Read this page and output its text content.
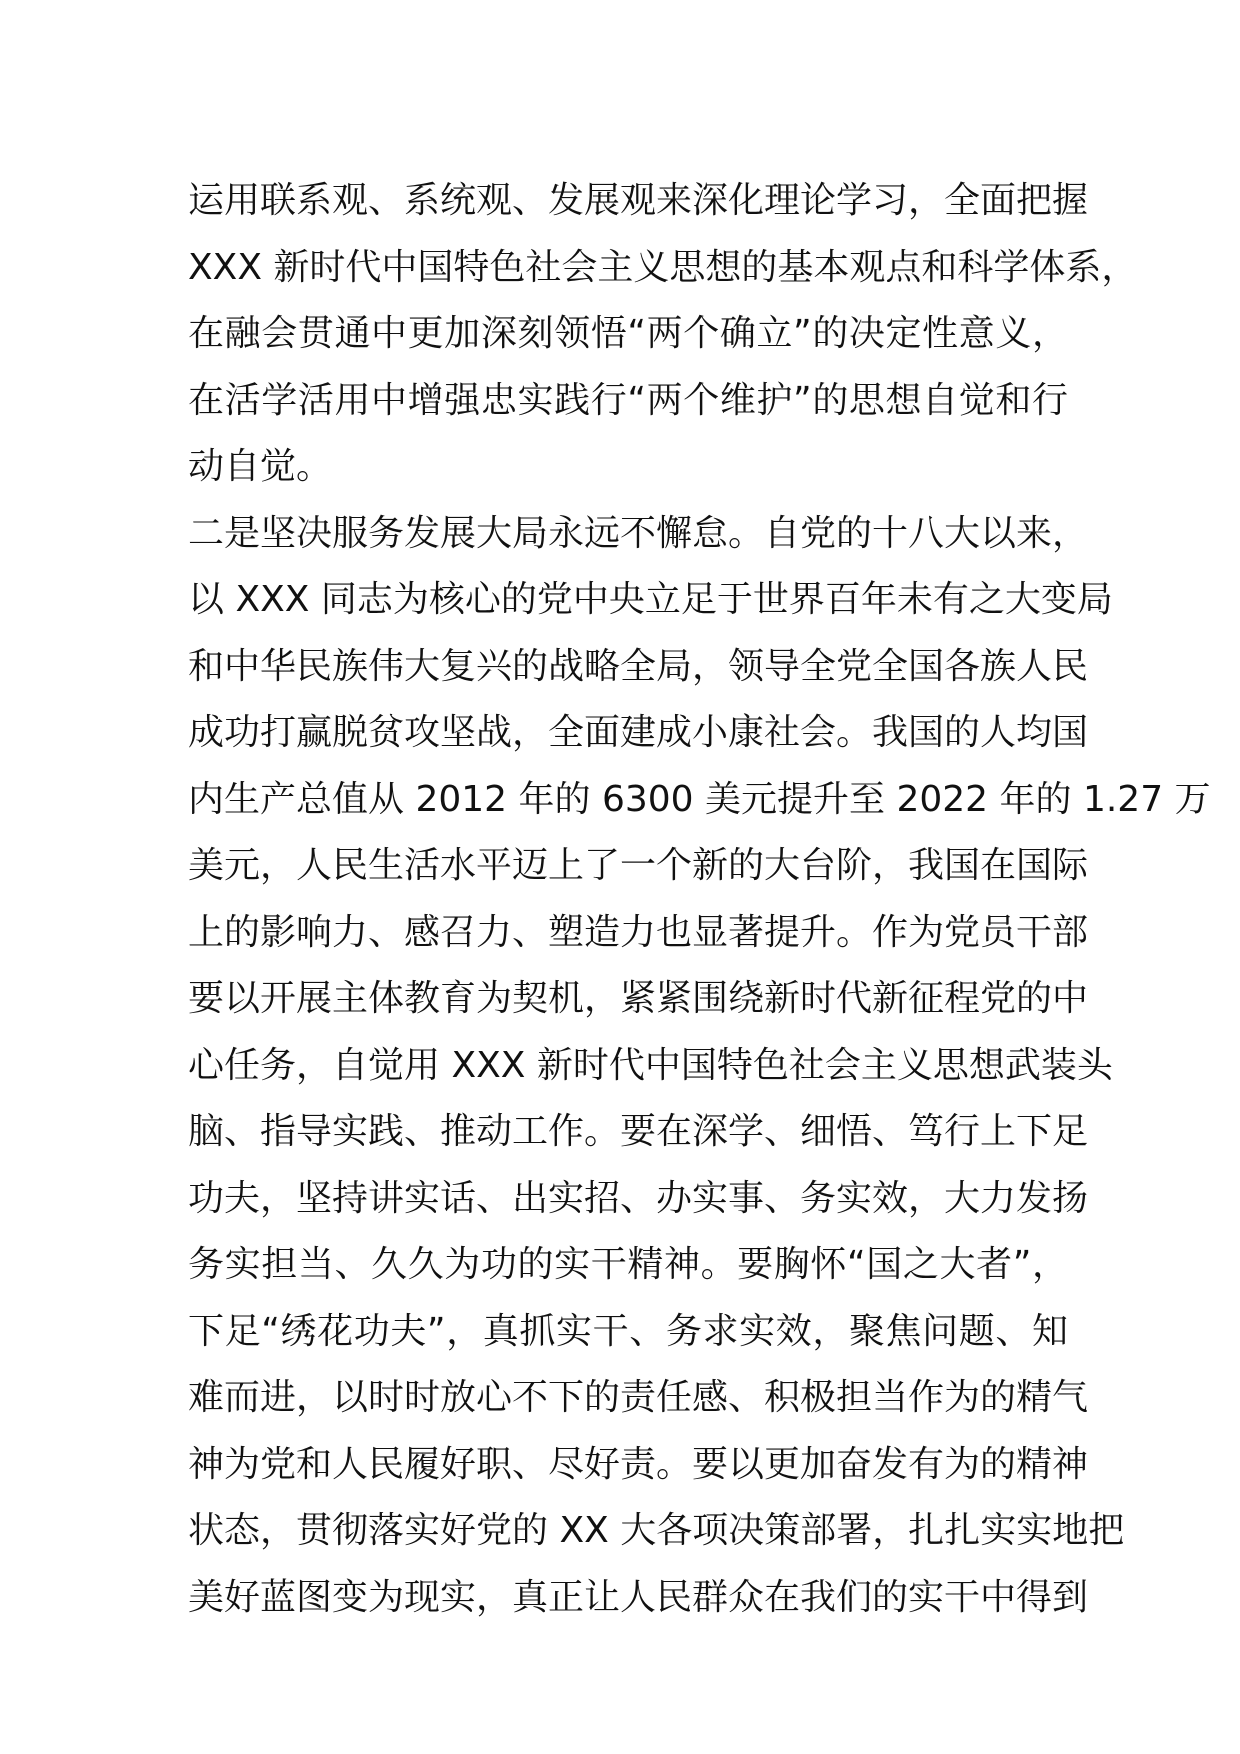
运用联系观、系统观、发展观来深化理论学习，全面把握
XXX 新时代中国特色社会主义思想的基本观点和科学体系，
在融会贯通中更加深刻领悟“两个确立”的决定性意义，
在活学活用中增强忠实践行“两个维护”的思想自觉和行
动自觉。
二是坚决服务发展大局永远不懈怠。自党的十八大以来，
以 XXX 同志为核心的党中央立足于世界百年未有之大变局
和中华民族伟大复兴的战略全局，领导全党全国各族人民
成功打赢脱贫攻坚战，全面建成小康社会。我国的人均国
内生产总值从 2012 年的 6300 美元提升至 2022 年的 1.27 万
美元，人民生活水平迈上了一个新的大台阶，我国在国际
上的影响力、感召力、塑造力也显著提升。作为党员干部
要以开展主体教育为契机，紧紧围绕新时代新征程党的中
心任务，自觉用 XXX 新时代中国特色社会主义思想武装头
脑、指导实践、推动工作。要在深学、细悟、笃行上下足
功夫，坚持讲实话、出实招、办实事、务实效，大力发扬
务实担当、久久为功的实干精神。要胸怀“国之大者”，
下足“绣花功夫”，真抓实干、务求实效，聚焦问题、知
难而进，以时时放心不下的责任感、积极担当作为的精气
神为党和人民履好职、尽好责。要以更加奋发有为的精神
状态，贯彻落实好党的 XX 大各项决策部署，扎扎实实地把
美好蓝图变为现实，真正让人民群众在我们的实干中得到
